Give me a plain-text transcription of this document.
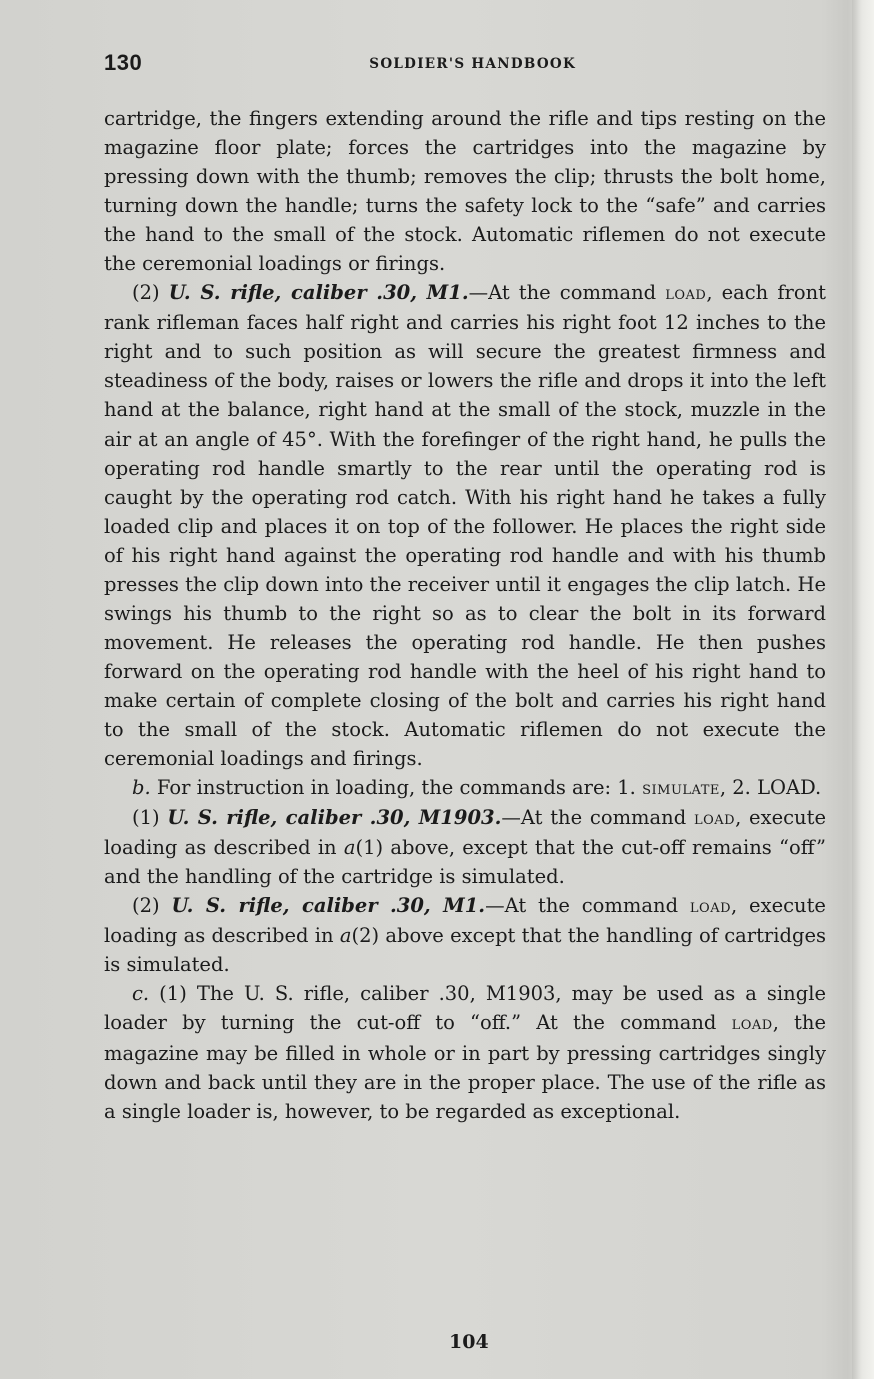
130	SOLDIER'S HANDBOOK

cartridge, the fingers extending around the rifle and tips resting on the magazine floor plate; forces the cartridges into the magazine by pressing down with the thumb; removes the clip; thrusts the bolt home, turning down the handle; turns the safety lock to the “safe” and carries the hand to the small of the stock. Automatic riflemen do not execute the ceremonial loadings or firings.

(2) U. S. rifle, caliber .30, M1.—At the command load, each front rank rifleman faces half right and carries his right foot 12 inches to the right and to such position as will secure the greatest firmness and steadiness of the body, raises or lowers the rifle and drops it into the left hand at the balance, right hand at the small of the stock, muzzle in the air at an angle of 45°. With the forefinger of the right hand, he pulls the operating rod handle smartly to the rear until the operating rod is caught by the operating rod catch. With his right hand he takes a fully loaded clip and places it on top of the follower. He places the right side of his right hand against the operating rod handle and with his thumb presses the clip down into the receiver until it engages the clip latch. He swings his thumb to the right so as to clear the bolt in its forward movement. He releases the operating rod handle. He then pushes forward on the operating rod handle with the heel of his right hand to make certain of complete closing of the bolt and carries his right hand to the small of the stock. Automatic riflemen do not execute the ceremonial loadings and firings.

b. For instruction in loading, the commands are: 1. simulate, 2. LOAD.

(1) U. S. rifle, caliber .30, M1903.—At the command load, execute loading as described in a(1) above, except that the cut-off remains “off” and the handling of the cartridge is simulated.

(2) U. S. rifle, caliber .30, M1.—At the command load, execute loading as described in a(2) above except that the handling of cartridges is simulated.

c. (1) The U. S. rifle, caliber .30, M1903, may be used as a single loader by turning the cut-off to “off.” At the command load, the magazine may be filled in whole or in part by pressing cartridges singly down and back until they are in the proper place. The use of the rifle as a single loader is, however, to be regarded as exceptional.

104
